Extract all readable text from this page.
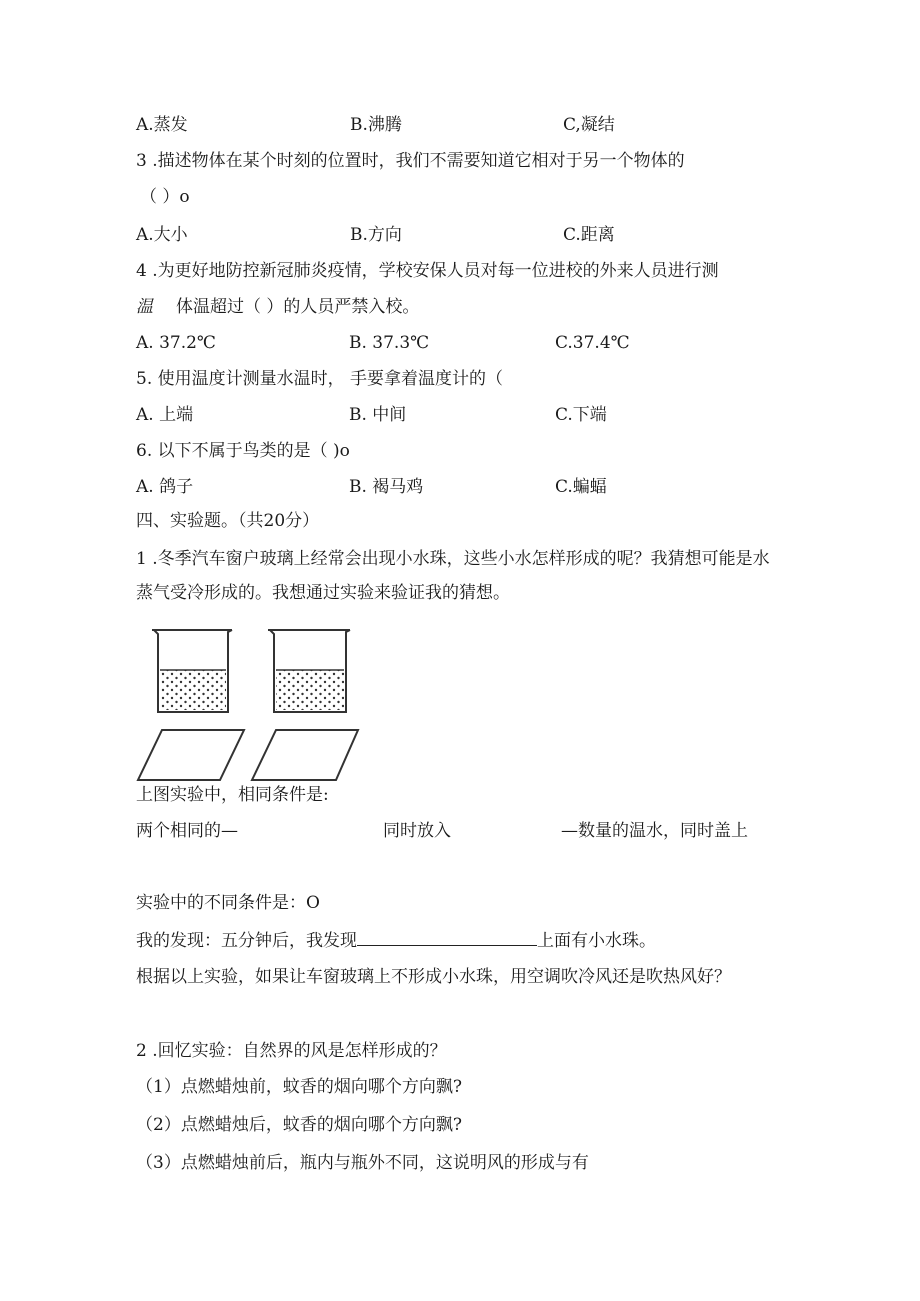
A.蒸发	B.沸腾	C,凝结
3 .描述物体在某个时刻的位置时，我们不需要知道它相对于另一个物体的
（ ）o
A.大小	B.方向	C.距离
4 .为更好地防控新冠肺炎疫情，学校安保人员对每一位进校的外来人员进行测
温 体温超过（ ）的人员严禁入校。
A. 37.2℃	B. 37.3℃	C.37.4℃
5. 使用温度计测量水温时， 手要拿着温度计的（
A. 上端	B. 中间	C.下端
6. 以下不属于鸟类的是（ )o
A. 鸽子	B. 褐马鸡	C.蝙蝠
四、实验题。（共20分）
1 .冬季汽车窗户玻璃上经常会出现小水珠，这些小水怎样形成的呢？我猜想可能是水
蒸气受冷形成的。我想通过实验来验证我的猜想。
上图实验中，相同条件是:
两个相同的—	同时放入	—数量的温水，同时盖上
实验中的不同条件是：O
我的发现：五分钟后，我发现	上面有小水珠。
根据以上实验，如果让车窗玻璃上不形成小水珠，用空调吹冷风还是吹热风好？
2 .回忆实验：自然界的风是怎样形成的？
（1）点燃蜡烛前，蚊香的烟向哪个方向飘?
（2）点燃蜡烛后，蚊香的烟向哪个方向飘?
（3）点燃蜡烛前后，瓶内与瓶外不同，这说明风的形成与有
